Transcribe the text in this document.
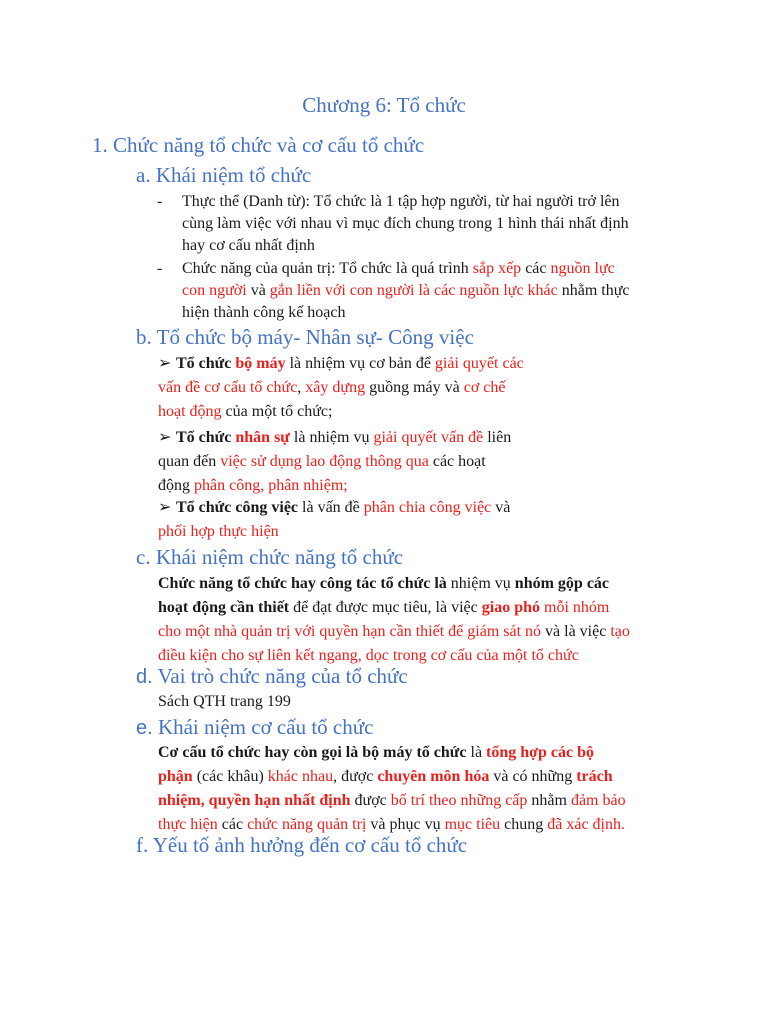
Chương 6: Tổ chức
1. Chức năng tổ chức và cơ cấu tổ chức
a. Khái niệm tổ chức
- Thực thể (Danh từ): Tổ chức là 1 tập hợp người, từ hai người trở lên
cùng làm việc với nhau vì mục đích chung trong 1 hình thái nhất định
hay cơ cấu nhất định
- Chức năng của quản trị: Tổ chức là quá trình sắp xếp các nguồn lực
con người và gắn liền với con người là các nguồn lực khác nhằm thực
hiện thành công kế hoạch
b. Tổ chức bộ máy- Nhân sự- Công việc
➢ Tổ chức bộ máy là nhiệm vụ cơ bản để giải quyết các
vấn đề cơ cấu tổ chức, xây dựng guồng máy và cơ chế
hoạt động của một tổ chức;
➢ Tổ chức nhân sự là nhiệm vụ giải quyết vấn đề liên
quan đến việc sử dụng lao động thông qua các hoạt
động phân công, phân nhiệm;
➢ Tổ chức công việc là vấn đề phân chia công việc và
phối hợp thực hiện
c. Khái niệm chức năng tổ chức
Chức năng tổ chức hay công tác tổ chức là nhiệm vụ nhóm gộp các
hoạt động cần thiết để đạt được mục tiêu, là việc giao phó mỗi nhóm
cho một nhà quản trị với quyền hạn cần thiết để giám sát nó và là việc tạo
điều kiện cho sự liên kết ngang, dọc trong cơ cấu của một tổ chức
d. Vai trò chức năng của tổ chức
Sách QTH trang 199
e. Khái niệm cơ cấu tổ chức
Cơ cấu tổ chức hay còn gọi là bộ máy tổ chức là tổng hợp các bộ
phận (các khâu) khác nhau, được chuyên môn hóa và có những trách
nhiệm, quyền hạn nhất định được bố trí theo những cấp nhằm đảm bảo
thực hiện các chức năng quản trị và phục vụ mục tiêu chung đã xác định.
f. Yếu tố ảnh hưởng đến cơ cấu tổ chức
